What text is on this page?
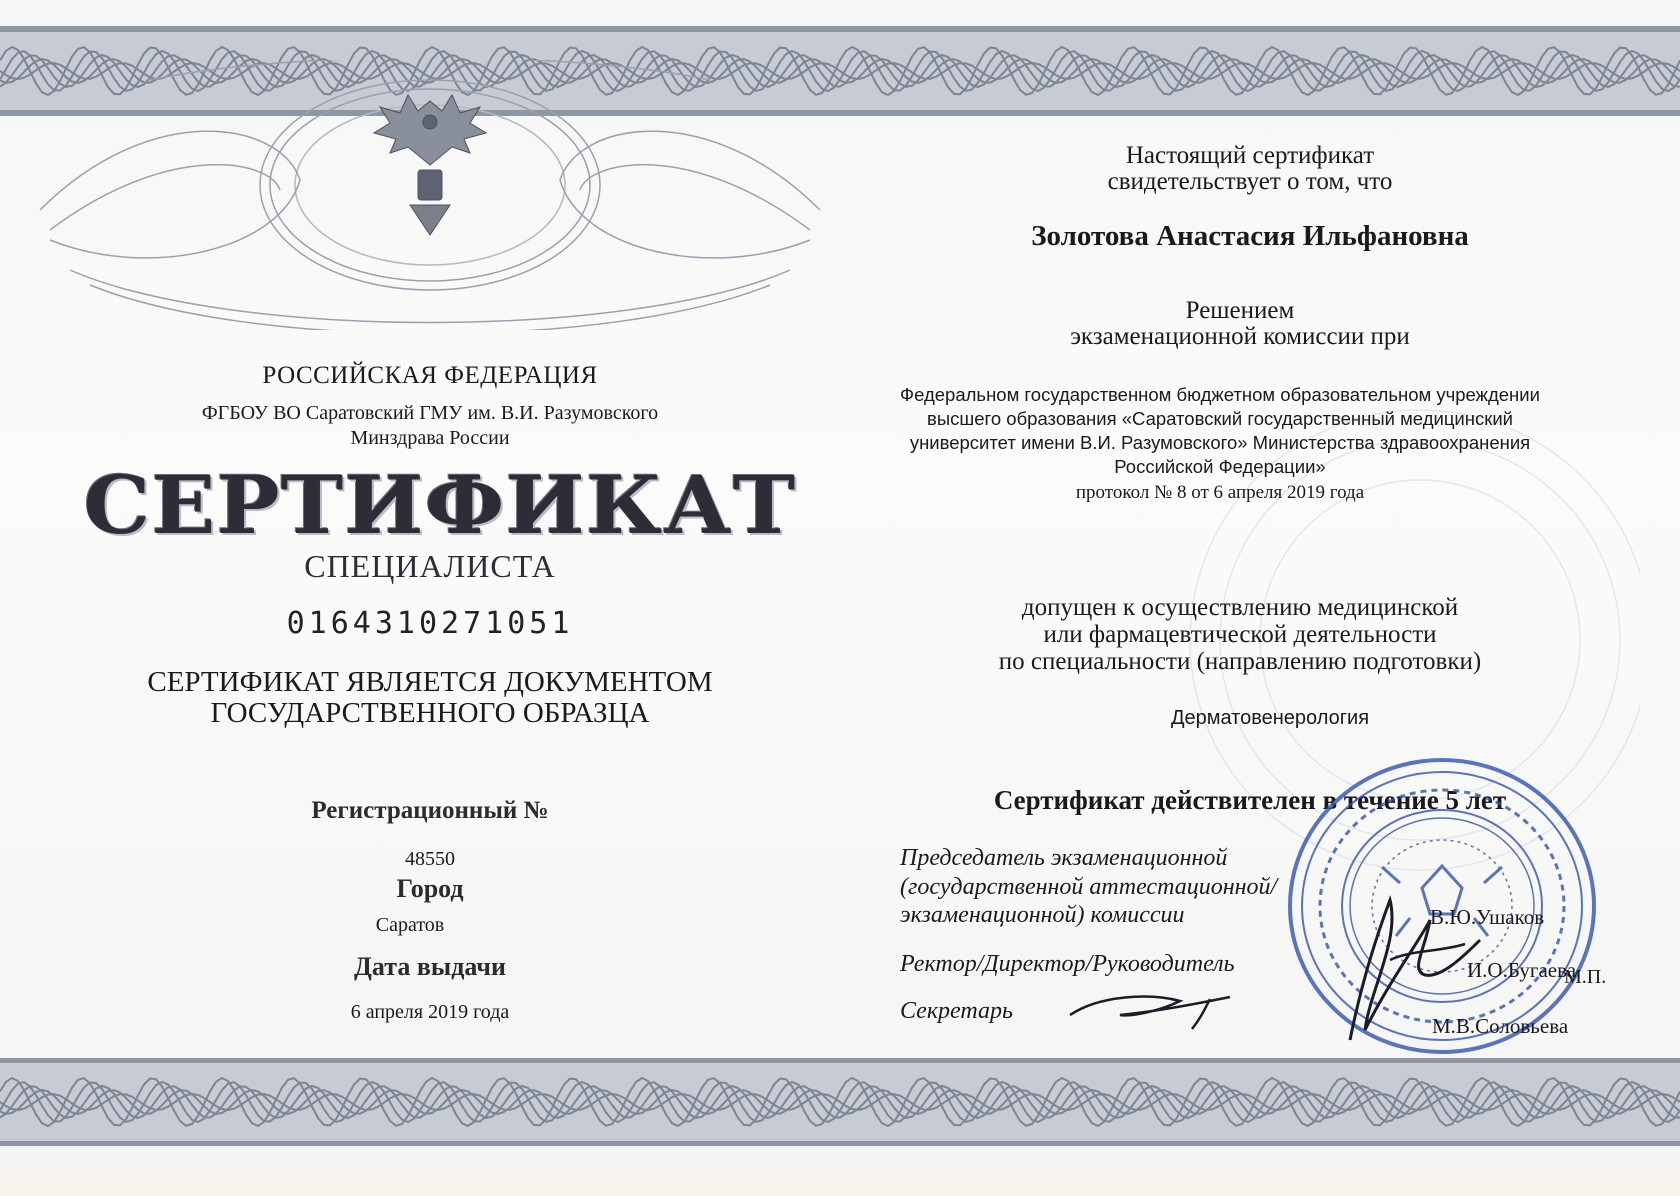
РОССИЙСКАЯ ФЕДЕРАЦИЯ
ФГБОУ ВО Саратовский ГМУ им. В.И. Разумовского
Минздрава России
СЕРТИФИКАТ
СПЕЦИАЛИСТА
0164310271051
СЕРТИФИКАТ ЯВЛЯЕТСЯ ДОКУМЕНТОМ
ГОСУДАРСТВЕННОГО ОБРАЗЦА
Регистрационный №
48550
Город
Саратов
Дата выдачи
6 апреля 2019 года
Настоящий сертификат
свидетельствует о том, что
Золотова Анастасия Ильфановна
Решением
экзаменационной комиссии при
Федеральном государственном бюджетном образовательном учреждении
высшего образования «Саратовский государственный медицинский
университет имени В.И. Разумовского» Министерства здравоохранения
Российской Федерации»
протокол № 8 от 6 апреля 2019 года
допущен к осуществлению медицинской
или фармацевтической деятельности
по специальности (направлению подготовки)
Дерматовенерология
Сертификат действителен в течение 5 лет
Председатель экзаменационной
(государственной аттестационной/
экзаменационной) комиссии
Ректор/Директор/Руководитель
Секретарь
В.Ю.Ушаков
И.О.Бугаева
М.П.
М.В.Соловьева
